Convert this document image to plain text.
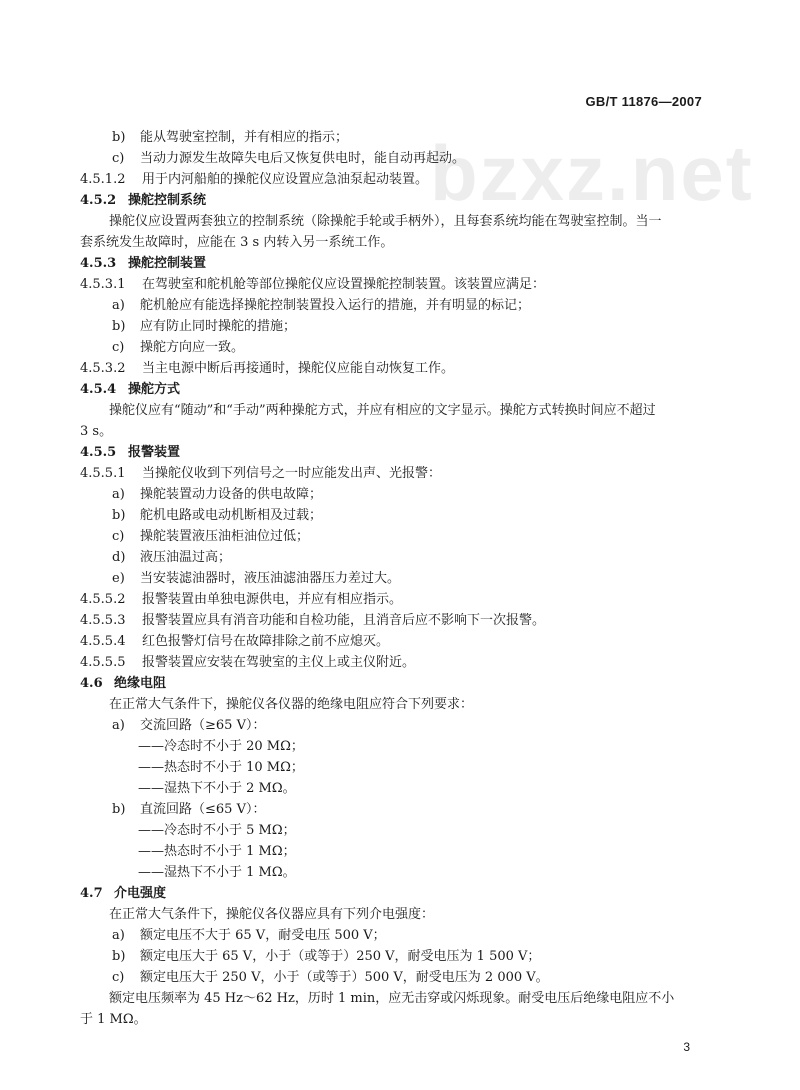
GB/T 11876—2007
bzxz.net
b) 能从驾驶室控制，并有相应的指示；
c) 当动力源发生故障失电后又恢复供电时，能自动再起动。
4.5.1.2 用于内河船舶的操舵仪应设置应急油泵起动装置。
4.5.2 操舵控制系统
操舵仪应设置两套独立的控制系统（除操舵手轮或手柄外），且每套系统均能在驾驶室控制。当一
套系统发生故障时，应能在 3 s 内转入另一系统工作。
4.5.3 操舵控制装置
4.5.3.1 在驾驶室和舵机舱等部位操舵仪应设置操舵控制装置。该装置应满足：
a) 舵机舱应有能选择操舵控制装置投入运行的措施，并有明显的标记；
b) 应有防止同时操舵的措施；
c) 操舵方向应一致。
4.5.3.2 当主电源中断后再接通时，操舵仪应能自动恢复工作。
4.5.4 操舵方式
操舵仪应有“随动”和“手动”两种操舵方式，并应有相应的文字显示。操舵方式转换时间应不超过
3 s。
4.5.5 报警装置
4.5.5.1 当操舵仪收到下列信号之一时应能发出声、光报警：
a) 操舵装置动力设备的供电故障；
b) 舵机电路或电动机断相及过载；
c) 操舵装置液压油柜油位过低；
d) 液压油温过高；
e) 当安装滤油器时，液压油滤油器压力差过大。
4.5.5.2 报警装置由单独电源供电，并应有相应指示。
4.5.5.3 报警装置应具有消音功能和自检功能，且消音后应不影响下一次报警。
4.5.5.4 红色报警灯信号在故障排除之前不应熄灭。
4.5.5.5 报警装置应安装在驾驶室的主仪上或主仪附近。
4.6 绝缘电阻
在正常大气条件下，操舵仪各仪器的绝缘电阻应符合下列要求：
a) 交流回路（≥65 V）：
——冷态时不小于 20 MΩ；
——热态时不小于 10 MΩ；
——湿热下不小于 2 MΩ。
b) 直流回路（≤65 V）：
——冷态时不小于 5 MΩ；
——热态时不小于 1 MΩ；
——湿热下不小于 1 MΩ。
4.7 介电强度
在正常大气条件下，操舵仪各仪器应具有下列介电强度：
a) 额定电压不大于 65 V，耐受电压 500 V；
b) 额定电压大于 65 V，小于（或等于）250 V，耐受电压为 1 500 V；
c) 额定电压大于 250 V，小于（或等于）500 V，耐受电压为 2 000 V。
额定电压频率为 45 Hz～62 Hz，历时 1 min，应无击穿或闪烁现象。耐受电压后绝缘电阻应不小
于 1 MΩ。
3
